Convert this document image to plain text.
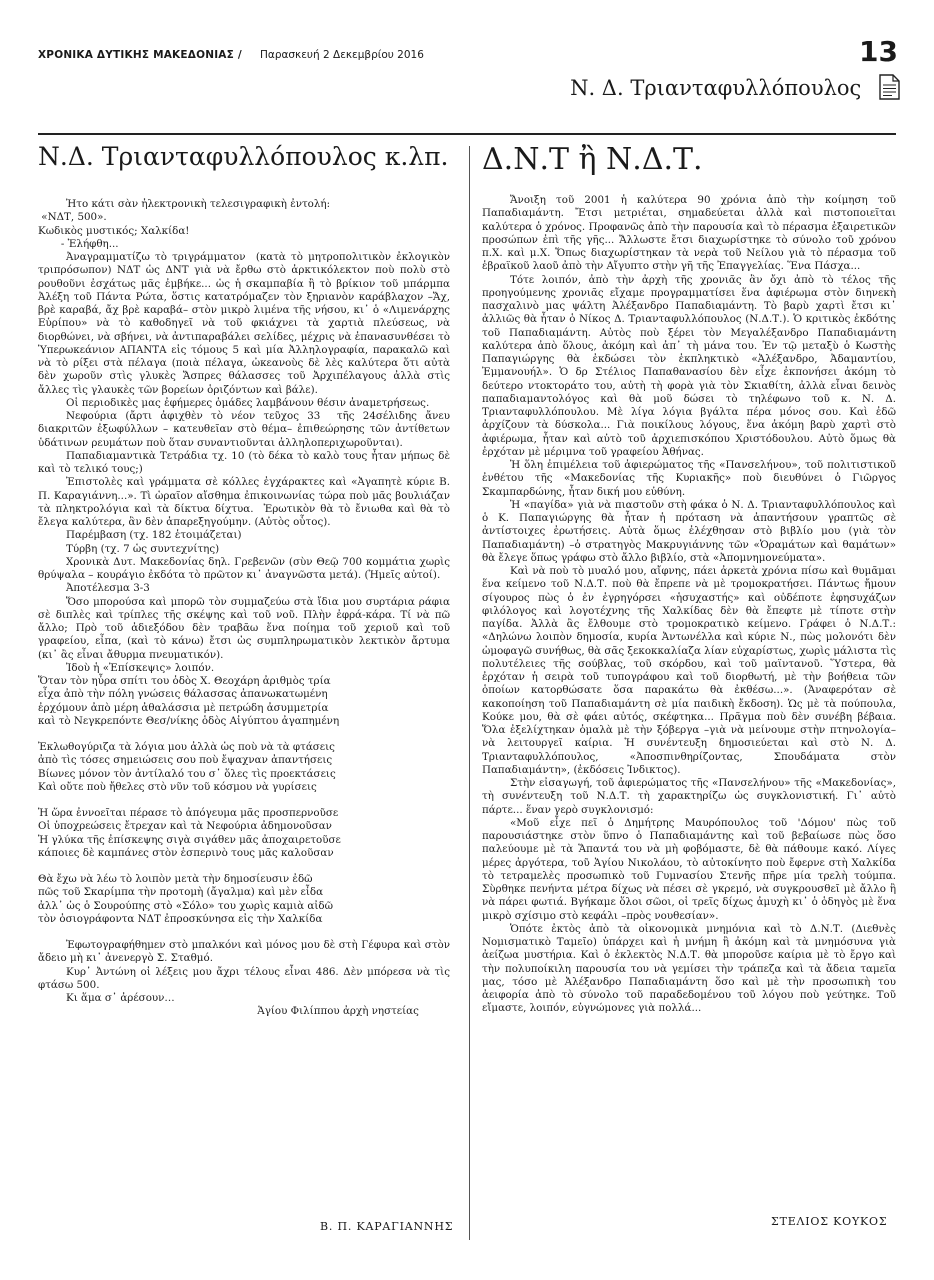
ΧΡΟΝΙΚΑ ΔΥΤΙΚΗΣ ΜΑΚΕΔΟΝΙΑΣ / Παρασκευή 2 Δεκεμβρίου 2016	13
Ν. Δ. Τριανταφυλλόπουλος
Ν.Δ. Τριανταφυλλόπουλος κ.λπ.
Ἠτο κάτι σὰν ἠλεκτρονικὴ τελεσιγραφικὴ ἐντολή:
«ΝΔΤ, 500».
Κωδικὸς μυστικός; Χαλκίδα!
- Ἐλήφθη...
Ἀναγραμματίζω τὸ τριγράμματον  (κατὰ τὸ μητροπολιτικὸν ἐκλογικὸν τριπρόσωπον) ΝΔΤ ὡς ΔΝΤ γιὰ νὰ ἔρθω στὸ ἀρκτικόλεκτον ποὺ πολὺ στὸ ρουθοῦνι ἐσχάτως μᾶς ἐμβήκε... ὡς ἡ σκαμπαβία ἢ τὸ βρίκιον τοῦ μπάρμπα Ἀλέξη τοῦ Πάντα Ρώτα, ὅστις κατατρόμαζεν τὸν ξηριανὸν καράβλαχον –Ἄχ, βρὲ καραβά, ἄχ βρὲ καραβά– στὸν μικρὸ λιμένα τῆς νήσου, κι᾽ ὁ «Λιμενάρχης Εὐρίπου» νὰ τὸ καθοδηγεῖ νὰ τοῦ φκιάχνει τὰ χαρτιὰ πλεύσεως, νὰ διορθώνει, νὰ σβήνει, νὰ ἀντιπαραβάλει σελίδες, μέχρις νὰ ἐπανασυνθέσει τὸ Ὑπερωκεάνιον ΑΠΑΝΤΑ εἰς τόμους 5 καὶ μία Ἀλληλογραφία, παρακαλῶ καὶ νὰ τὸ ρίξει στὰ πέλαγα (ποιὰ πέλαγα, ὠκεανοὺς δὲ λὲς καλύτερα ὅτι αὐτὰ δὲν χωροῦν στὶς γλυκὲς Ἄσπρες θάλασσες τοῦ Ἀρχιπέλαγους ἀλλὰ στὶς ἄλλες τὶς γλαυκὲς τῶν βορείων ὁριζόντων καὶ βάλε).
Οἱ περιοδικὲς μας ἐφήμερες ὁμάδες λαμβάνουν θέσιν ἀναμετρήσεως.
Νεφούρια (ἄρτι ἀφιχθὲν τὸ νέον τεῦχος 33  τῆς 24σέλιδης ἄνευ διακριτῶν ἐξωφύλλων – κατευθεῖαν στὸ θέμα– ἐπιθεώρησης τῶν ἀντίθετων ὑδάτινων ρευμάτων ποὺ ὅταν συναντιοῦνται ἀλληλοπεριχωροῦνται).
Παπαδιαμαντικὰ Τετράδια τχ. 10 (τὸ δέκα τὸ καλὸ τους ἦταν μήπως δὲ καὶ τὸ τελικό τους;)
Ἐπιστολὲς καὶ γράμματα σὲ κόλλες ἐγχάρακτες καὶ «Ἀγαπητὲ κύριε Β. Π. Καραγιάννη...». Τὶ ὡραῖον αἴσθημα ἐπικοινωνίας τώρα ποὺ μᾶς βουλιάζαν τὰ πληκτρολόγια καὶ τὰ δίκτυα δίχτυα.  Ἐρωτικὸν θὰ τὸ ἔνιωθα καὶ θὰ τὸ ἔλεγα καλύτερα, ἂν δὲν ἀπαρεξηγούμην. (Αὐτὸς οὗτος).
Παρέμβαση (τχ. 182 ἑτοιμάζεται)
Τύρβη (τχ. 7 ὡς συντεχνίτης)
Χρονικὰ Δυτ. Μακεδονίας δηλ. Γρεβενῶν (σὺν Θεῷ 700 κομμάτια χωρὶς θρύψαλα – κουράγιο ἐκδότα τὸ πρῶτον κι᾽ ἀναγνῶστα μετά). (Ἡμεῖς αὐτοί).
Ἀποτέλεσμα 3-3
Ὅσο μπορούσα καὶ μπορῶ τὸν συμμαζεύω στὰ ἴδια μου συρτάρια ράφια σὲ διπλὲς καὶ τρίπλες τῆς σκέψης καὶ τοῦ νοῦ. Πλὴν ἐφρά-κάρα. Τί νὰ πῶ ἄλλο; Πρὸ τοῦ ἀδιεξόδου δὲν τραβᾶω ἕνα ποίημα τοῦ χεριοῦ καὶ τοῦ γραφείου, εἶπα, (καὶ τὸ κάνω) ἔτσι ὡς συμπληρωματικὸν λεκτικὸν ἄρτυμα (κι᾽ ἂς εἶναι ἄθυρμα πνευματικόν).
Ἰδοὺ ἡ «Ἐπίσκεψις» λοιπόν.
Ὅταν τὸν ηὖρα σπίτι του ὁδὸς Χ. Θεοχάρη ἀριθμὸς τρία
εἶχα ἀπὸ τὴν πόλη γνώσεις θάλασσας ἀπανωκατωμένη
ἐρχόμουν ἀπὸ μέρη ἀθαλάσσια μὲ πετρώδη ἀσυμμετρία
καὶ τὸ Νεγκρεπόντε Θεσ/νίκης ὁδὸς Αἰγύπτου ἀγαπημένη
Ἐκλωθογύριζα τὰ λόγια μου ἀλλὰ ὡς ποὺ νὰ τὰ φτάσεις
ἀπὸ τὶς τόσες σημειώσεις σου ποὺ ἔψαχναν ἀπαντήσεις
Βίωνες μόνον τὸν ἀντίλαλό του σ᾽ ὅλες τὶς προεκτάσεις
Καὶ οὔτε ποὺ ἤθελες στὸ νῦν τοῦ κόσμου νὰ γυρίσεις
Ἡ ὥρα ἐννοεῖται πέρασε τὸ ἀπόγευμα μᾶς προσπερνοῦσε
Οἱ ὑποχρεώσεις ἔτρεχαν καὶ τὰ Νεφούρια ἀδημονοῦσαν
Ἡ γλύκα τῆς ἐπίσκεψης σιγὰ σιγάθεν μᾶς ἀποχαιρετοῦσε
κάποιες δὲ καμπάνες στὸν ἑσπερινὸ τους μᾶς καλοῦσαν
Θὰ ἔχω νὰ λέω τὸ λοιπὸν μετὰ τὴν δημοσίευσιν ἐδῶ
πῶς τοῦ Σκαρίμπα τὴν προτομὴ (ἄγαλμα) καὶ μὲν εἶδα
ἀλλ᾽ ὡς ὁ Σουρούπης στὸ «Σόλο» του χωρὶς καμιὰ αἰδῶ
τὸν ὁσιογράφοντα ΝΔΤ ἐπροσκύνησα εἰς τὴν Χαλκίδα
Ἐφωτογραφήθημεν στὸ μπαλκόνι καὶ μόνος μου δὲ στὴ Γέφυρα καὶ στὸν ἄδειο μὴ κι᾽ ἀνενεργὸ Σ. Σταθμό.
Κυρ᾽ Ἀντώνη οἱ λέξεις μου ἄχρι τέλους εἶναι 486. Δὲν μπόρεσα νὰ τὶς φτάσω 500.
Κι ἅμα σ᾽ ἀρέσουν…
Ἁγίου Φιλίππου ἀρχὴ νηστείας
Δ.Ν.Τ ἢ Ν.Δ.Τ.
Ἄνοιξη τοῦ 2001 ἡ καλύτερα 90 χρόνια ἀπὸ τὴν κοίμηση τοῦ Παπαδιαμάντη. Ἔτσι μετριέται, σημαδεύεται ἀλλὰ καὶ πιστοποιεῖται καλύτερα ὁ χρόνος. Προφανῶς ἀπὸ τὴν παρουσία καὶ τὸ πέρασμα ἐξαιρετικῶν προσώπων ἐπὶ τῆς γῆς... Ἄλλωστε ἔτσι διαχωρίστηκε τὸ σύνολο τοῦ χρόνου π.Χ. καὶ μ.Χ. Ὅπως διαχωρίστηκαν τὰ νερὰ τοῦ Νείλου γιὰ τὸ πέρασμα τοῦ ἑβραϊκοῦ λαοῦ ἀπὸ τὴν Αἴγυπτο στὴν γῆ τῆς Ἐπαγγελίας. Ἕνα Πάσχα...
Τότε λοιπόν, ἀπὸ τὴν ἀρχὴ τῆς χρονιᾶς ἂν ὄχι ἀπὸ τὸ τέλος τῆς προηγούμενης χρονιᾶς εἴχαμε προγραμματίσει ἕνα ἀφιέρωμα στὸν διηνεκὴ πασχαλινὸ μας ψάλτη Ἀλέξανδρο Παπαδιαμάντη. Τὸ βαρὺ χαρτὶ ἔτσι κι᾽ ἀλλιῶς θὰ ἦταν ὁ Νίκος Δ. Τριανταφυλλόπουλος (Ν.Δ.Τ.). Ὁ κριτικὸς ἐκδότης τοῦ Παπαδιαμάντη. Αὐτὸς ποὺ ξέρει τὸν Μεγαλέξανδρο Παπαδιαμάντη καλύτερα ἀπὸ ὅλους, ἀκόμη καὶ ἀπ᾽ τὴ μάνα του. Ἐν τῷ μεταξὺ ὁ Κωστὴς Παπαγιώργης θὰ ἐκδώσει τὸν ἐκπληκτικὸ «Ἀλέξανδρο, Ἀδαμαντίου, Ἐμμανουήλ». Ὁ δρ Στέλιος Παπαθανασίου δὲν εἶχε ἐκπονήσει ἀκόμη τὸ δεύτερο ντοκτοράτο του, αὐτὴ τὴ φορὰ γιὰ τὸν Σκιαθίτη, ἀλλὰ εἶναι δεινὸς παπαδιαμαντολόγος καὶ θὰ μοῦ δώσει τὸ τηλέφωνο τοῦ κ. Ν. Δ. Τριανταφυλλόπουλου. Μὲ λίγα λόγια βγάλτα πέρα μόνος σου. Καὶ ἐδῶ ἀρχίζουν τὰ δύσκολα... Γιὰ ποικίλους λόγους, ἕνα ἀκόμη βαρὺ χαρτὶ στὸ ἀφιέρωμα, ἦταν καὶ αὐτὸ τοῦ ἀρχιεπισκόπου Χριστόδουλου. Αὐτὸ ὅμως θὰ ἐρχόταν μὲ μέριμνα τοῦ γραφείου Ἀθήνας.
Ἡ ὅλη ἐπιμέλεια τοῦ ἀφιερώματος τῆς «Πανσελήνου», τοῦ πολιτιστικοῦ ἐνθέτου τῆς «Μακεδονίας τῆς Κυριακῆς» ποὺ διευθύνει ὁ Γιῶργος Σκαμπαρδώνης, ἦταν δική μου εὐθύνη.
Ἡ «παγίδα» γιὰ νὰ πιαστοῦν στὴ φάκα ὁ Ν. Δ. Τριανταφυλλόπουλος καὶ ὁ Κ. Παπαγιώργης θὰ ἦταν ἡ πρόταση νὰ ἀπαντήσουν γραπτῶς σὲ ἀντίστοιχες ἐρωτήσεις. Αὐτὰ ὅμως ἐλέχθησαν στὸ βιβλίο μου (γιὰ τὸν Παπαδιαμάντη) –ὁ στρατηγὸς Μακρυγιάννης τῶν «Ὁραμάτων καὶ θαμάτων» θὰ ἔλεγε ὅπως γράφω στὸ ἄλλο βιβλίο, στὰ «Ἀπομνημονεύματα».
Καὶ νὰ ποὺ τὸ μυαλό μου, αἴφνης, πάει ἀρκετὰ χρόνια πίσω καὶ θυμᾶμαι ἕνα κείμενο τοῦ Ν.Δ.Τ. ποὺ θὰ ἔπρεπε νὰ μὲ τρομοκρατήσει. Πάντως ἤμουν σίγουρος πὼς ὁ ἐν ἐγρηγόρσει «ἡσυχαστής» καὶ οὐδέποτε ἐφησυχάζων φιλόλογος καὶ λογοτέχνης τῆς Χαλκίδας δὲν θὰ ἔπεφτε μὲ τίποτε στὴν παγίδα. Ἀλλὰ ἂς ἔλθουμε στὸ τρομοκρατικὸ κείμενο. Γράφει ὁ Ν.Δ.Τ.: «Δηλώνω λοιπὸν δημοσία, κυρία Ἀντωνέλλα καὶ κύριε Ν., πὼς μολονότι δὲν ὠμοφαγῶ συνήθως, θὰ σᾶς ξεκοκκαλίαζα λίαν εὐχαρίστως, χωρὶς μάλιστα τὶς πολυτέλειες τῆς σούβλας, τοῦ σκόρδου, καὶ τοῦ μαϊντανοῦ. Ὕστερα, θὰ ἐρχόταν ἡ σειρὰ τοῦ τυπογράφου καὶ τοῦ διορθωτή, μὲ τὴν βοήθεια τῶν ὁποίων κατορθώσατε ὅσα παρακάτω θὰ ἐκθέσω...». (Ἀναφερόταν σὲ κακοποίηση τοῦ Παπαδιαμάντη σὲ μία παιδικὴ ἔκδοση). Ὡς μὲ τὰ πούπουλα, Κούκε μου, θὰ σὲ φάει αὐτός, σκέφτηκα... Πρᾶγμα ποὺ δὲν συνέβη βέβαια. Ὅλα ἐξελίχτηκαν ὁμαλὰ μὲ τὴν ξόβεργα –γιὰ νὰ μείνουμε στὴν πτηνολογία– νὰ λειτουργεῖ καίρια. Ἡ συνέντευξη δημοσιεύεται καὶ στὸ Ν. Δ. Τριανταφυλλόπουλος, «Ἀποσπινθηρίζοντας, Σπουδάματα στὸν Παπαδιαμάντη», (ἐκδόσεις Ἰνδικτος).
Στὴν εἰσαγωγή, τοῦ ἀφιερώματος τῆς «Πανσελήνου» τῆς «Μακεδονίας», τὴ συνέντευξη τοῦ Ν.Δ.Τ. τὴ χαρακτηρίζω ὡς συγκλονιστική. Γι᾽ αὐτὸ πάρτε... ἕναν γερὸ συγκλονισμό:
«Μοῦ εἶχε πεῖ ὁ Δημήτρης Μαυρόπουλος τοῦ 'Δόμου' πὼς τοῦ παρουσιάστηκε στὸν ὕπνο ὁ Παπαδιαμάντης καὶ τοῦ βεβαίωσε πὼς ὅσο παλεύουμε μὲ τὰ Ἅπαντά του νὰ μὴ φοβόμαστε, δὲ θὰ πάθουμε κακό. Λίγες μέρες ἀργότερα, τοῦ Ἁγίου Νικολάου, τὸ αὐτοκίνητο ποὺ ἔφερνε στὴ Χαλκίδα τὸ τετραμελὲς προσωπικὸ τοῦ Γυμνασίου Στενῆς πῆρε μία τρελὴ τούμπα. Σὺρθηκε πενήντα μέτρα δίχως νὰ πέσει σὲ γκρεμό, νὰ συγκρουσθεῖ μὲ ἄλλο ἢ νὰ πάρει φωτιά. Βγήκαμε ὅλοι σῶοι, οἱ τρεῖς δίχως ἀμυχὴ κι᾽ ὁ ὁδηγὸς μὲ ἕνα μικρὸ σχίσιμο στὸ κεφάλι –πρὸς νουθεσίαν».
Ὁπότε ἐκτὸς ἀπὸ τὰ οἰκονομικὰ μνημόνια καὶ τὸ Δ.Ν.Τ. (Διεθνὲς Νομισματικὸ Ταμεῖο) ὑπάρχει καὶ ἡ μνήμη ἢ ἀκόμη καὶ τὰ μνημόσυνα γιὰ ἀείζωα μυστήρια. Καὶ ὁ ἐκλεκτὸς Ν.Δ.Τ. θὰ μποροῦσε καίρια μὲ τὸ ἔργο καὶ τὴν πολυποίκιλη παρουσία του νὰ γεμίσει τὴν τράπεζα καὶ τὰ ἄδεια ταμεῖα μας, τόσο μὲ Ἀλέξανδρο Παπαδιαμάντη ὅσο καὶ μὲ τὴν προσωπικὴ του ἀειφορία ἀπὸ τὸ σύνολο τοῦ παραδεδομένου τοῦ λόγου ποὺ γεύτηκε. Τοῦ εἴμαστε, λοιπόν, εὐγνώμονες γιὰ πολλά...
Β. Π. ΚΑΡΑΓΙΑΝΝΗΣ	ΣΤΕΛΙΟΣ ΚΟΥΚΟΣ
